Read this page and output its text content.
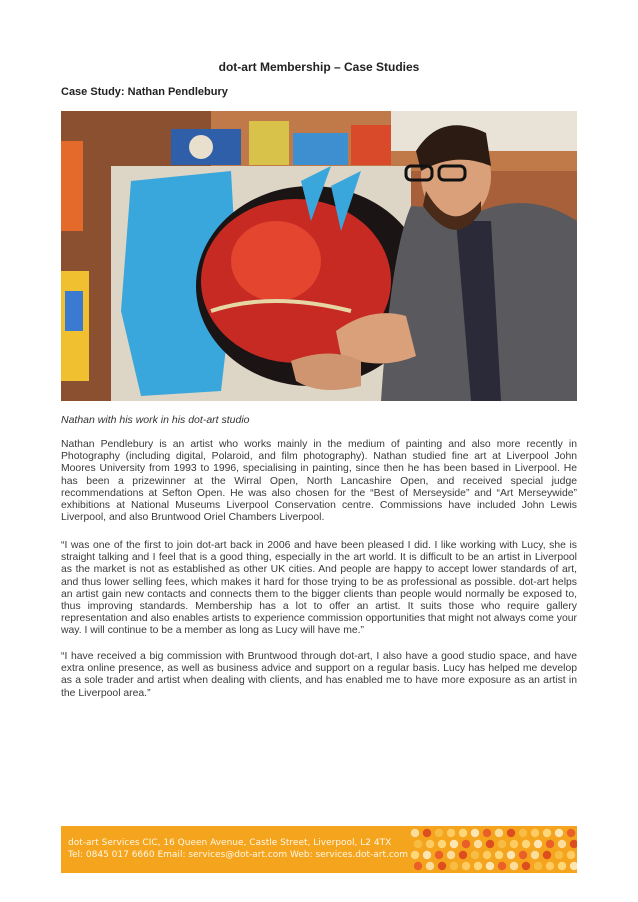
dot-art Membership – Case Studies
Case Study: Nathan Pendlebury
Nathan with his work in his dot-art studio

Nathan Pendlebury is an artist who works mainly in the medium of painting and also more recently in Photography (including digital, Polaroid, and film photography). Nathan studied fine art at Liverpool John Moores University from 1993 to 1996, specialising in painting, since then he has been based in Liverpool. He has been a prizewinner at the Wirral Open, North Lancashire Open, and received special judge recommendations at Sefton Open. He was also chosen for the “Best of Merseyside” and “Art Merseywide” exhibitions at National Museums Liverpool Conservation centre. Commissions have included John Lewis Liverpool, and also Bruntwood Oriel Chambers Liverpool.

“I was one of the first to join dot-art back in 2006 and have been pleased I did. I like working with Lucy, she is straight talking and I feel that is a good thing, especially in the art world. It is difficult to be an artist in Liverpool as the market is not as established as other UK cities. And people are happy to accept lower standards of art, and thus lower selling fees, which makes it hard for those trying to be as professional as possible. dot-art helps an artist gain new contacts and connects them to the bigger clients than people would normally be exposed to, thus improving standards. Membership has a lot to offer an artist. It suits those who require gallery representation and also enables artists to experience commission opportunities that might not always come your way. I will continue to be a member as long as Lucy will have me.”

“I have received a big commission with Bruntwood through dot-art, I also have a good studio space, and have extra online presence, as well as business advice and support on a regular basis. Lucy has helped me develop as a sole trader and artist when dealing with clients, and has enabled me to have more exposure as an artist in the Liverpool area.”

dot-art Services CIC, 16 Queen Avenue, Castle Street, Liverpool, L2 4TX
Tel: 0845 017 6660 Email: services@dot-art.com Web: services.dot-art.com
